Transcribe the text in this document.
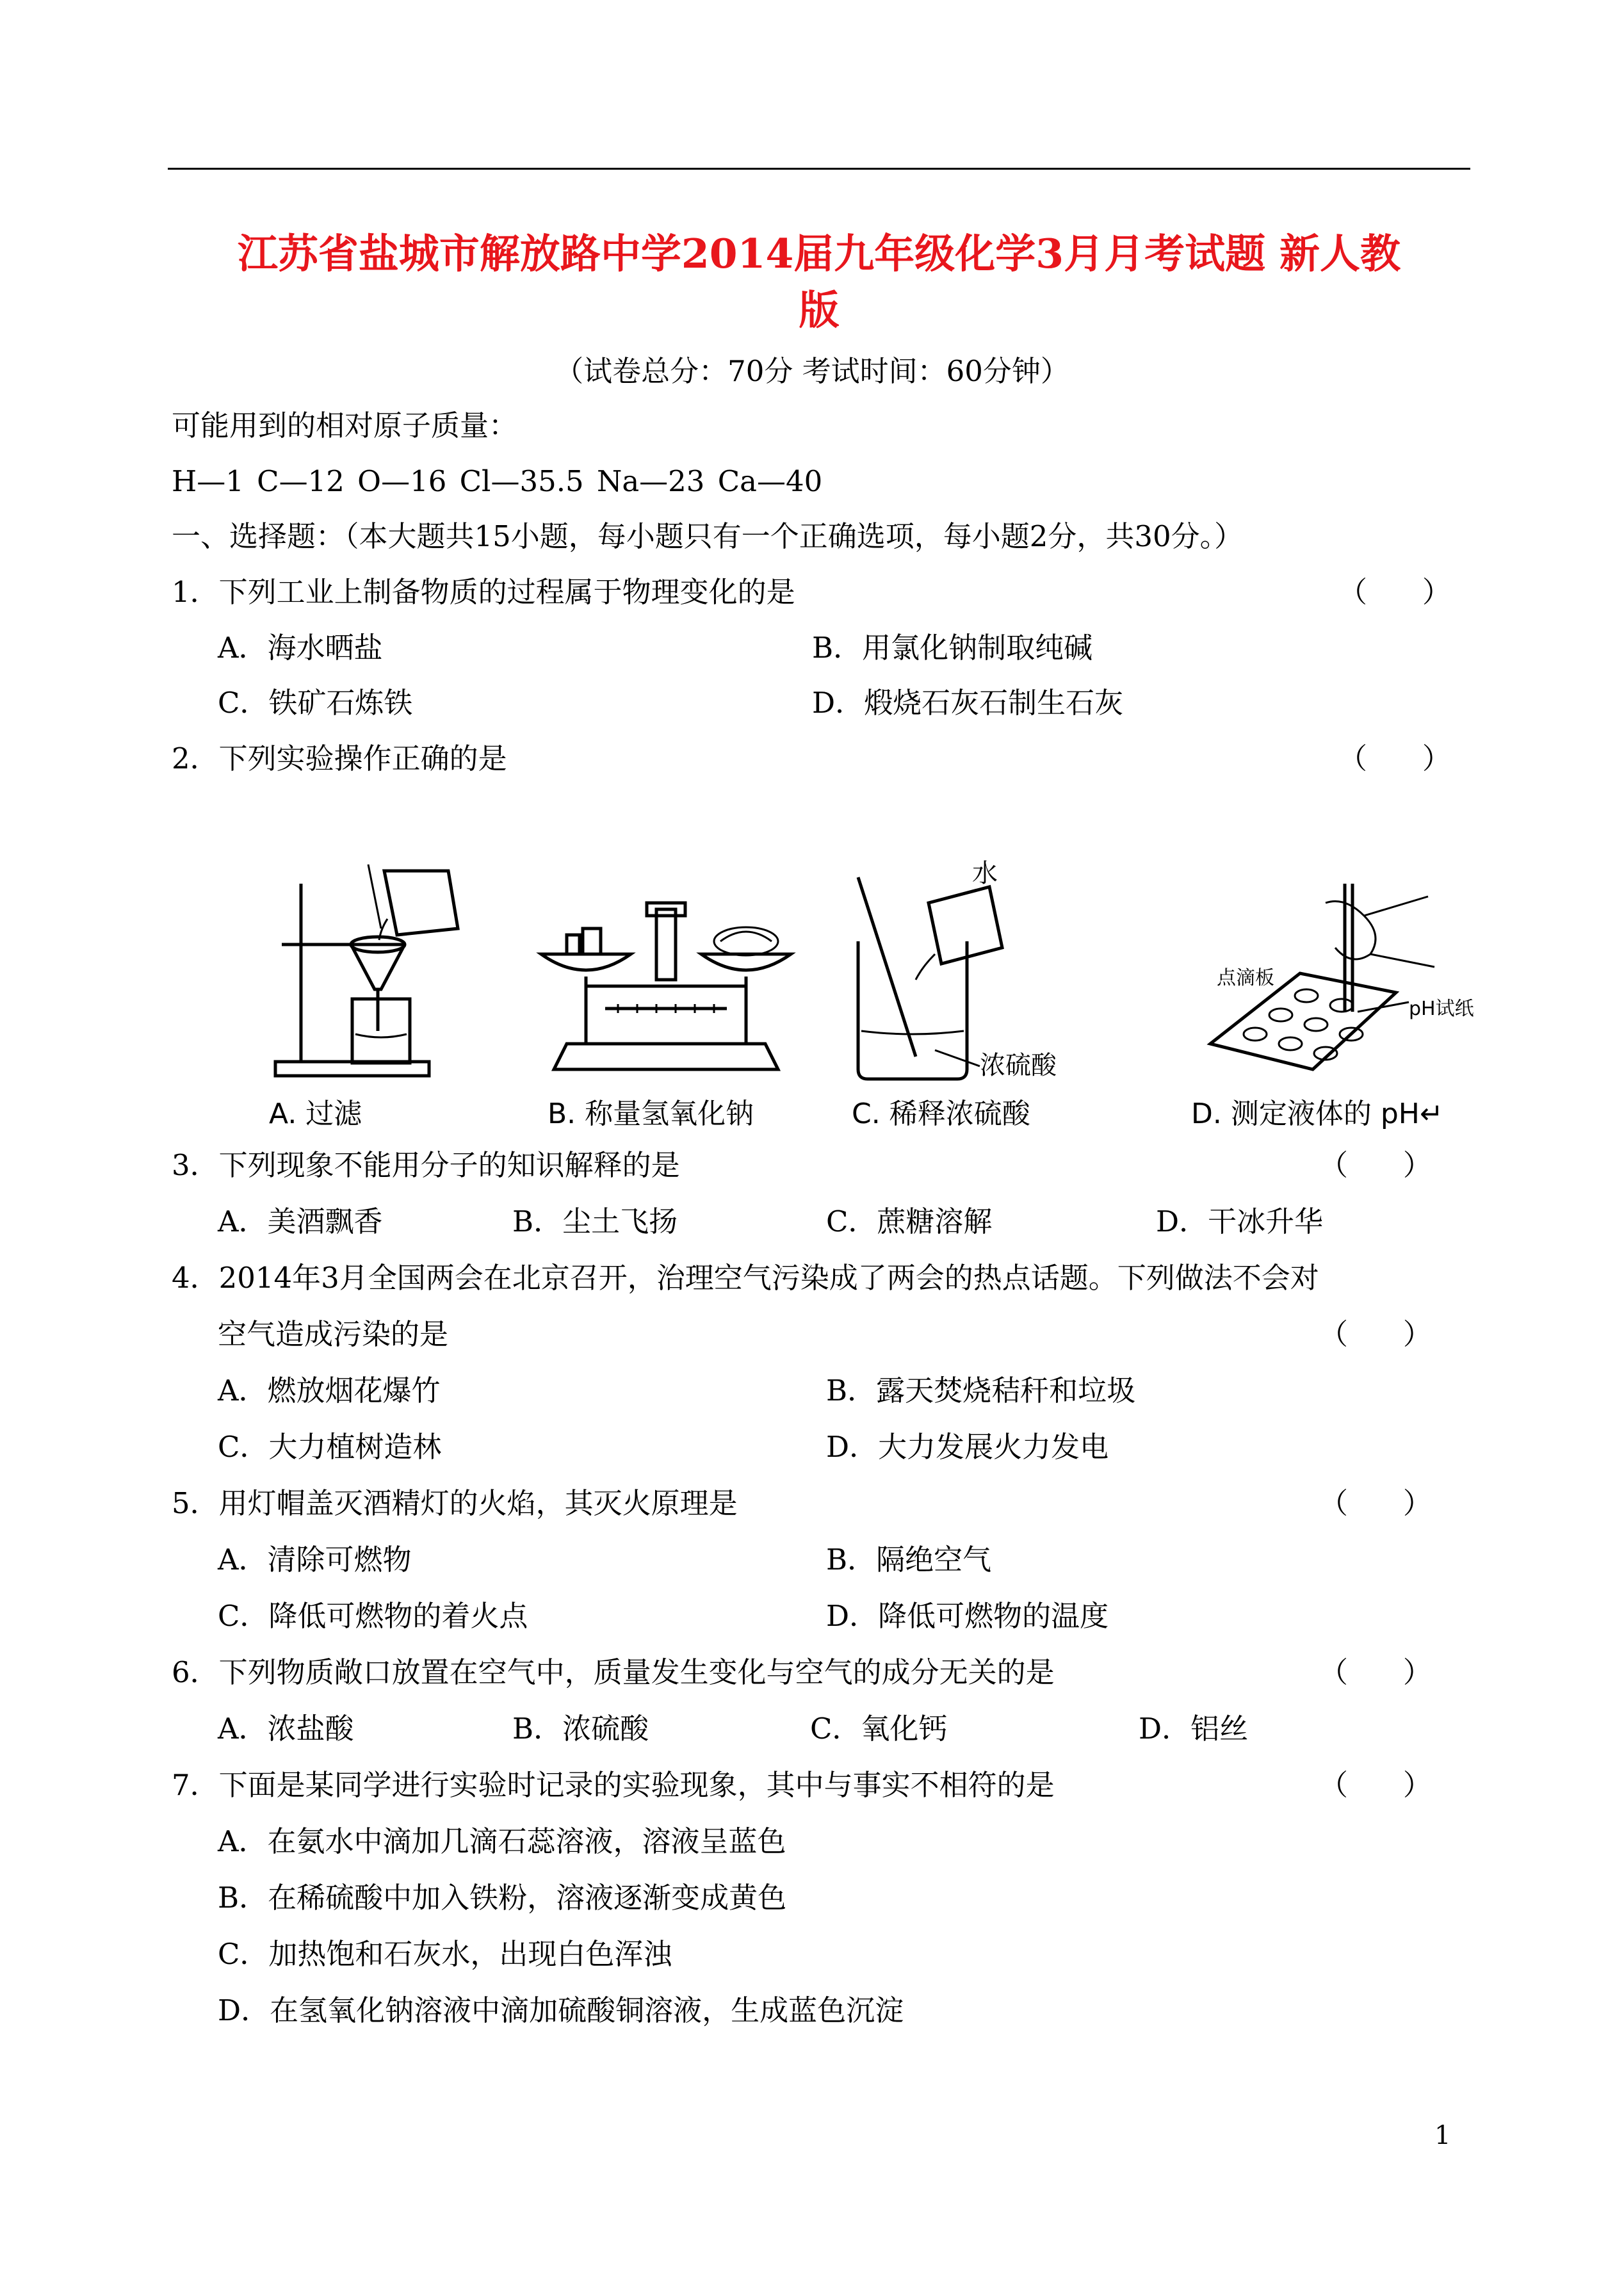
江苏省盐城市解放路中学2014届九年级化学3月月考试题 新人教
版
（试卷总分：70分 考试时间：60分钟）
可能用到的相对原子质量：
H—1 C—12 O—16 Cl—35.5 Na—23 Ca—40
一、选择题：（本大题共15小题，每小题只有一个正确选项，每小题2分，共30分。）
1．下列工业上制备物质的过程属于物理变化的是	（      ）
A．海水晒盐	B．用氯化钠制取纯碱
C．铁矿石炼铁	D．煅烧石灰石制生石灰
2．下列实验操作正确的是	（      ）
A. 过滤	B. 称量氢氧化钠
水
浓硫酸
C. 稀释浓硫酸
点滴板
pH试纸
D. 测定液体的 pH↵
3．下列现象不能用分子的知识解释的是	（      ）
A．美酒飘香	B．尘土飞扬	C．蔗糖溶解	D．干冰升华
4．2014年3月全国两会在北京召开，治理空气污染成了两会的热点话题。下列做法不会对
空气造成污染的是	（      ）
A．燃放烟花爆竹	B．露天焚烧秸秆和垃圾
C．大力植树造林	D．大力发展火力发电
5．用灯帽盖灭酒精灯的火焰，其灭火原理是	（      ）
A．清除可燃物	B．隔绝空气
C．降低可燃物的着火点	D．降低可燃物的温度
6．下列物质敞口放置在空气中，质量发生变化与空气的成分无关的是	（      ）
A．浓盐酸	B．浓硫酸	C．氧化钙	D．铝丝
7．下面是某同学进行实验时记录的实验现象，其中与事实不相符的是	（      ）
A．在氨水中滴加几滴石蕊溶液，溶液呈蓝色
B．在稀硫酸中加入铁粉，溶液逐渐变成黄色
C．加热饱和石灰水，出现白色浑浊
D．在氢氧化钠溶液中滴加硫酸铜溶液，生成蓝色沉淀
1
